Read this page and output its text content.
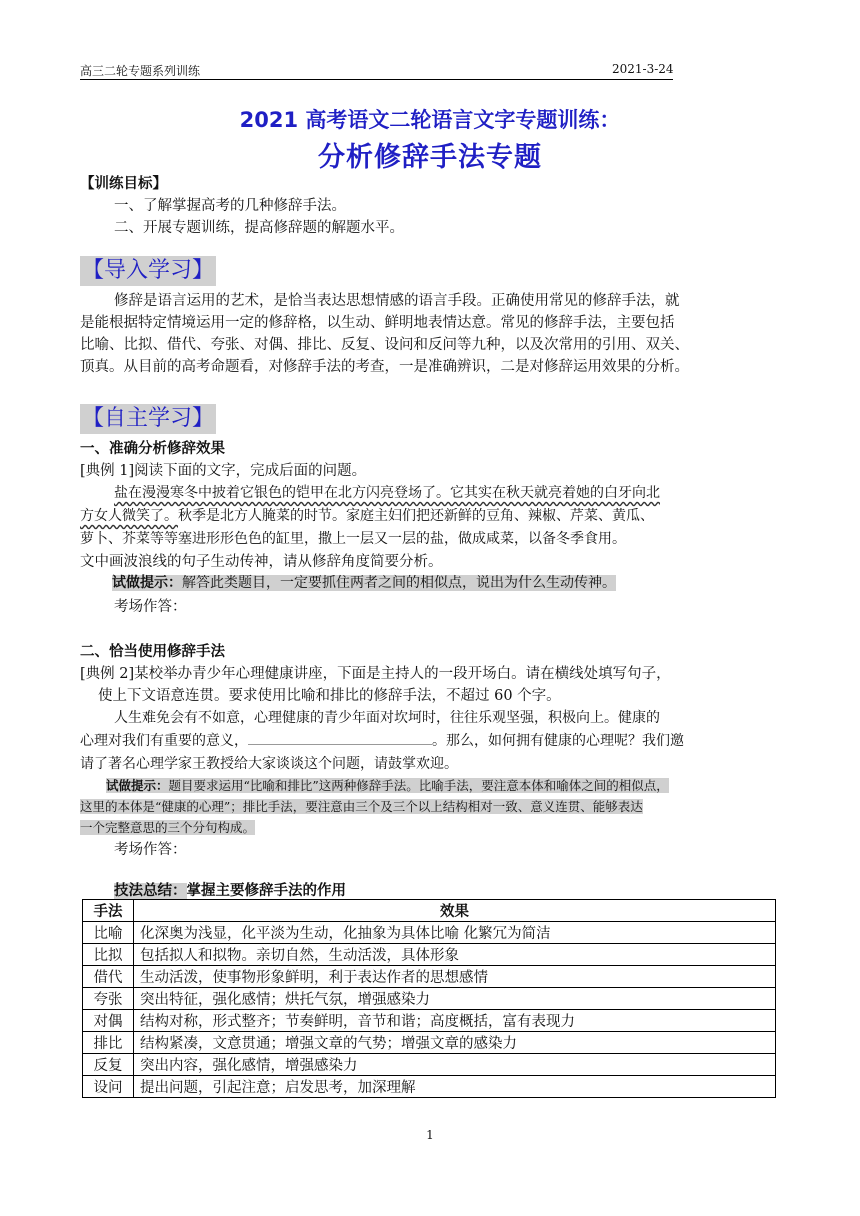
高三二轮专题系列训练	2021-3-24
2021 高考语文二轮语言文字专题训练：
分析修辞手法专题
【训练目标】
一、了解掌握高考的几种修辞手法。
二、开展专题训练，提高修辞题的解题水平。
【导入学习】
修辞是语言运用的艺术，是恰当表达思想情感的语言手段。正确使用常见的修辞手法，就
是能根据特定情境运用一定的修辞格，以生动、鲜明地表情达意。常见的修辞手法，主要包括
比喻、比拟、借代、夸张、对偶、排比、反复、设问和反问等九种，以及次常用的引用、双关、
顶真。从目前的高考命题看，对修辞手法的考查，一是准确辨识，二是对修辞运用效果的分析。
【自主学习】
一、准确分析修辞效果
[典例 1]阅读下面的文字，完成后面的问题。
盐在漫漫寒冬中披着它银色的铠甲在北方闪亮登场了。它其实在秋天就亮着她的白牙向北
方女人微笑了。秋季是北方人腌菜的时节。家庭主妇们把还新鲜的豆角、辣椒、芹菜、黄瓜、
萝卜、芥菜等等塞进形形色色的缸里，撒上一层又一层的盐，做成咸菜，以备冬季食用。
文中画波浪线的句子生动传神，请从修辞角度简要分析。
试做提示：解答此类题目，一定要抓住两者之间的相似点，说出为什么生动传神。
考场作答：
二、恰当使用修辞手法
[典例 2]某校举办青少年心理健康讲座，下面是主持人的一段开场白。请在横线处填写句子，
使上下文语意连贯。要求使用比喻和排比的修辞手法，不超过 60 个字。
人生难免会有不如意，心理健康的青少年面对坎坷时，往往乐观坚强，积极向上。健康的
心理对我们有重要的意义，	。那么，如何拥有健康的心理呢？我们邀
请了著名心理学家王教授给大家谈谈这个问题，请鼓掌欢迎。
试做提示：题目要求运用“比喻和排比”这两种修辞手法。比喻手法，要注意本体和喻体之间的相似点，
这里的本体是“健康的心理”；排比手法，要注意由三个及三个以上结构相对一致、意义连贯、能够表达
一个完整意思的三个分句构成。
考场作答：
技法总结：掌握主要修辞手法的作用
手法	效果
比喻	化深奥为浅显，化平淡为生动，化抽象为具体比喻 化繁冗为简洁
比拟	包括拟人和拟物。亲切自然，生动活泼，具体形象
借代	生动活泼，使事物形象鲜明，利于表达作者的思想感情
夸张	突出特征，强化感情；烘托气氛，增强感染力
对偶	结构对称，形式整齐；节奏鲜明，音节和谐；高度概括，富有表现力
排比	结构紧凑，文意贯通；增强文章的气势；增强文章的感染力
反复	突出内容，强化感情，增强感染力
设问	提出问题，引起注意；启发思考，加深理解
1
